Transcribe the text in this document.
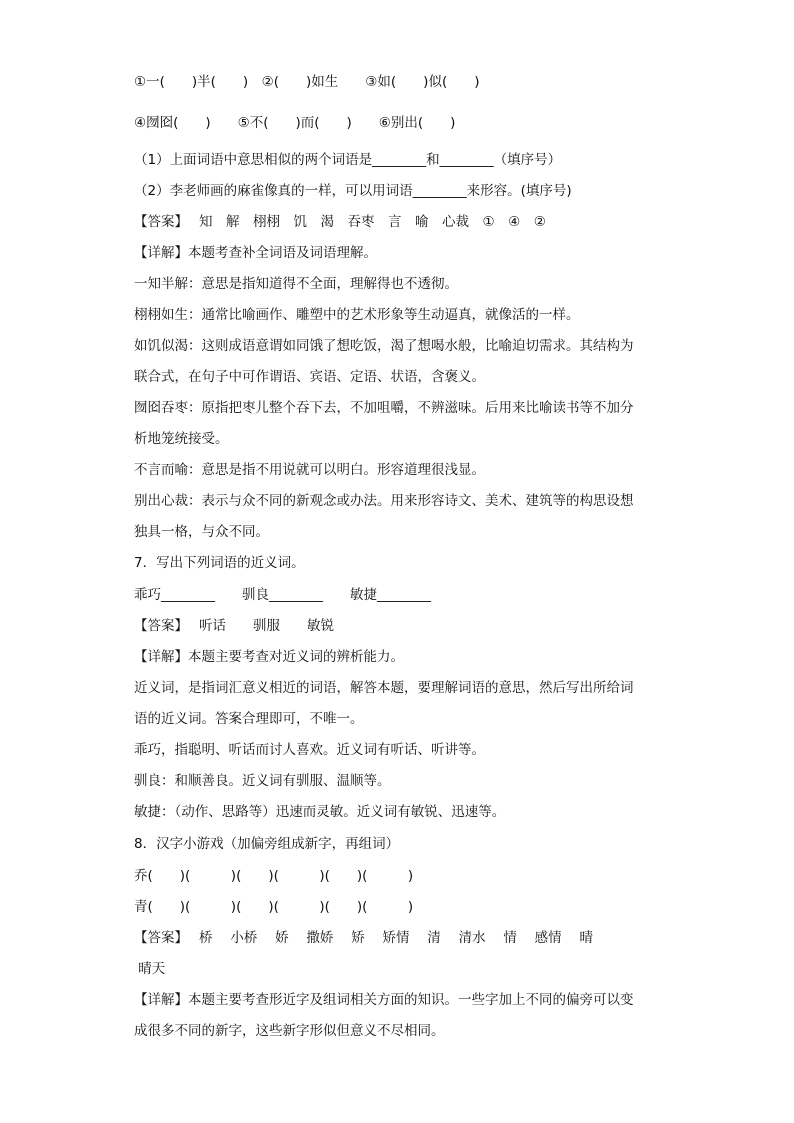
①一(　　)半(　　)　②(　　)如生　　③如(　　)似(　　)
④囫囵(　　)　　⑤不(　　)而(　　)　　⑥别出(　　)
（1）上面词语中意思相似的两个词语是________和________（填序号）
（2）李老师画的麻雀像真的一样，可以用词语________来形容。(填序号)
【答案】　 知　解　栩栩　饥　渴　吞枣　言　喻　心裁　①　④　②
【详解】本题考查补全词语及词语理解。
一知半解：意思是指知道得不全面，理解得也不透彻。
栩栩如生：通常比喻画作、雕塑中的艺术形象等生动逼真，就像活的一样。
如饥似渴：这则成语意谓如同饿了想吃饭，渴了想喝水般，比喻迫切需求。其结构为
联合式，在句子中可作谓语、宾语、定语、状语，含褒义。
囫囵吞枣：原指把枣儿整个吞下去，不加咀嚼，不辨滋味。后用来比喻读书等不加分
析地笼统接受。
不言而喻：意思是指不用说就可以明白。形容道理很浅显。
别出心裁：表示与众不同的新观念或办法。用来形容诗文、美术、建筑等的构思设想
独具一格，与众不同。
7．写出下列词语的近义词。
乖巧________　　驯良________　　敏捷________
【答案】　 听话　　驯服　　敏锐
【详解】本题主要考查对近义词的辨析能力。
近义词，是指词汇意义相近的词语，解答本题，要理解词语的意思，然后写出所给词
语的近义词。答案合理即可，不唯一。
乖巧，指聪明、听话而讨人喜欢。近义词有听话、听讲等。
驯良：和顺善良。近义词有驯服、温顺等。
敏捷：（动作、思路等）迅速而灵敏。近义词有敏锐、迅速等。
8．汉字小游戏（加偏旁组成新字，再组词）
乔(　　)(　　　)(　　)(　　　)(　　)(　　　)
青(　　)(　　　)(　　)(　　　)(　　)(　　　)
【答案】　 桥　 小桥　 娇　 撒娇　 矫　 矫情　 清　 清水　 情　 感情　 晴
晴天
【详解】本题主要考查形近字及组词相关方面的知识。一些字加上不同的偏旁可以变
成很多不同的新字，这些新字形似但意义不尽相同。
